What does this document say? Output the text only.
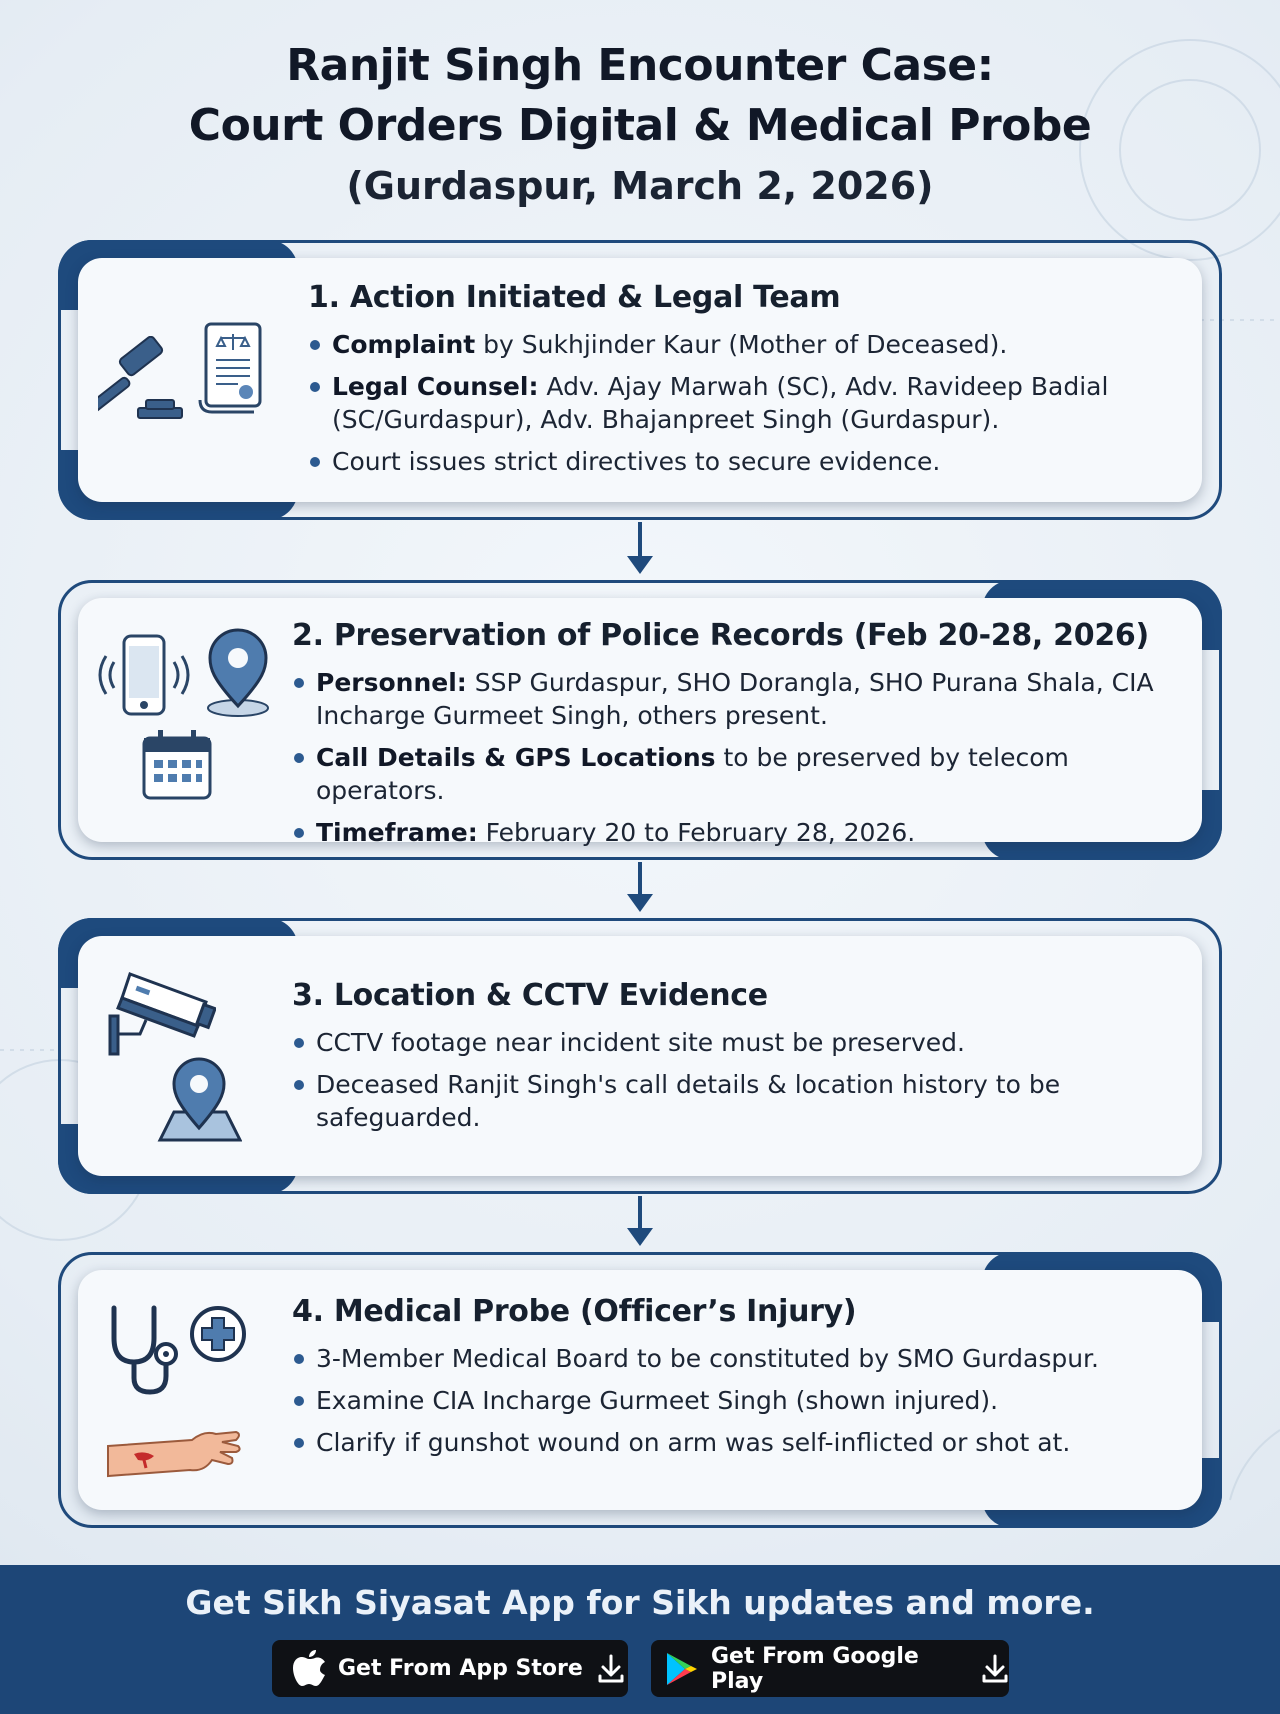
Ranjit Singh Encounter Case:
Court Orders Digital & Medical Probe
(Gurdaspur, March 2, 2026)
1. Action Initiated & Legal Team
Complaint by Sukhjinder Kaur (Mother of Deceased).
Legal Counsel: Adv. Ajay Marwah (SC), Adv. Ravideep Badial (SC/Gurdaspur), Adv. Bhajanpreet Singh (Gurdaspur).
Court issues strict directives to secure evidence.
2. Preservation of Police Records (Feb 20-28, 2026)
Personnel: SSP Gurdaspur, SHO Dorangla, SHO Purana Shala, CIA Incharge Gurmeet Singh, others present.
Call Details & GPS Locations to be preserved by telecom operators.
Timeframe: February 20 to February 28, 2026.
3. Location & CCTV Evidence
CCTV footage near incident site must be preserved.
Deceased Ranjit Singh's call details & location history to be safeguarded.
4. Medical Probe (Officer’s Injury)
3-Member Medical Board to be constituted by SMO Gurdaspur.
Examine CIA Incharge Gurmeet Singh (shown injured).
Clarify if gunshot wound on arm was self-inflicted or shot at.
Get Sikh Siyasat App for Sikh updates and more.
Get From App Store	Get From Google Play
